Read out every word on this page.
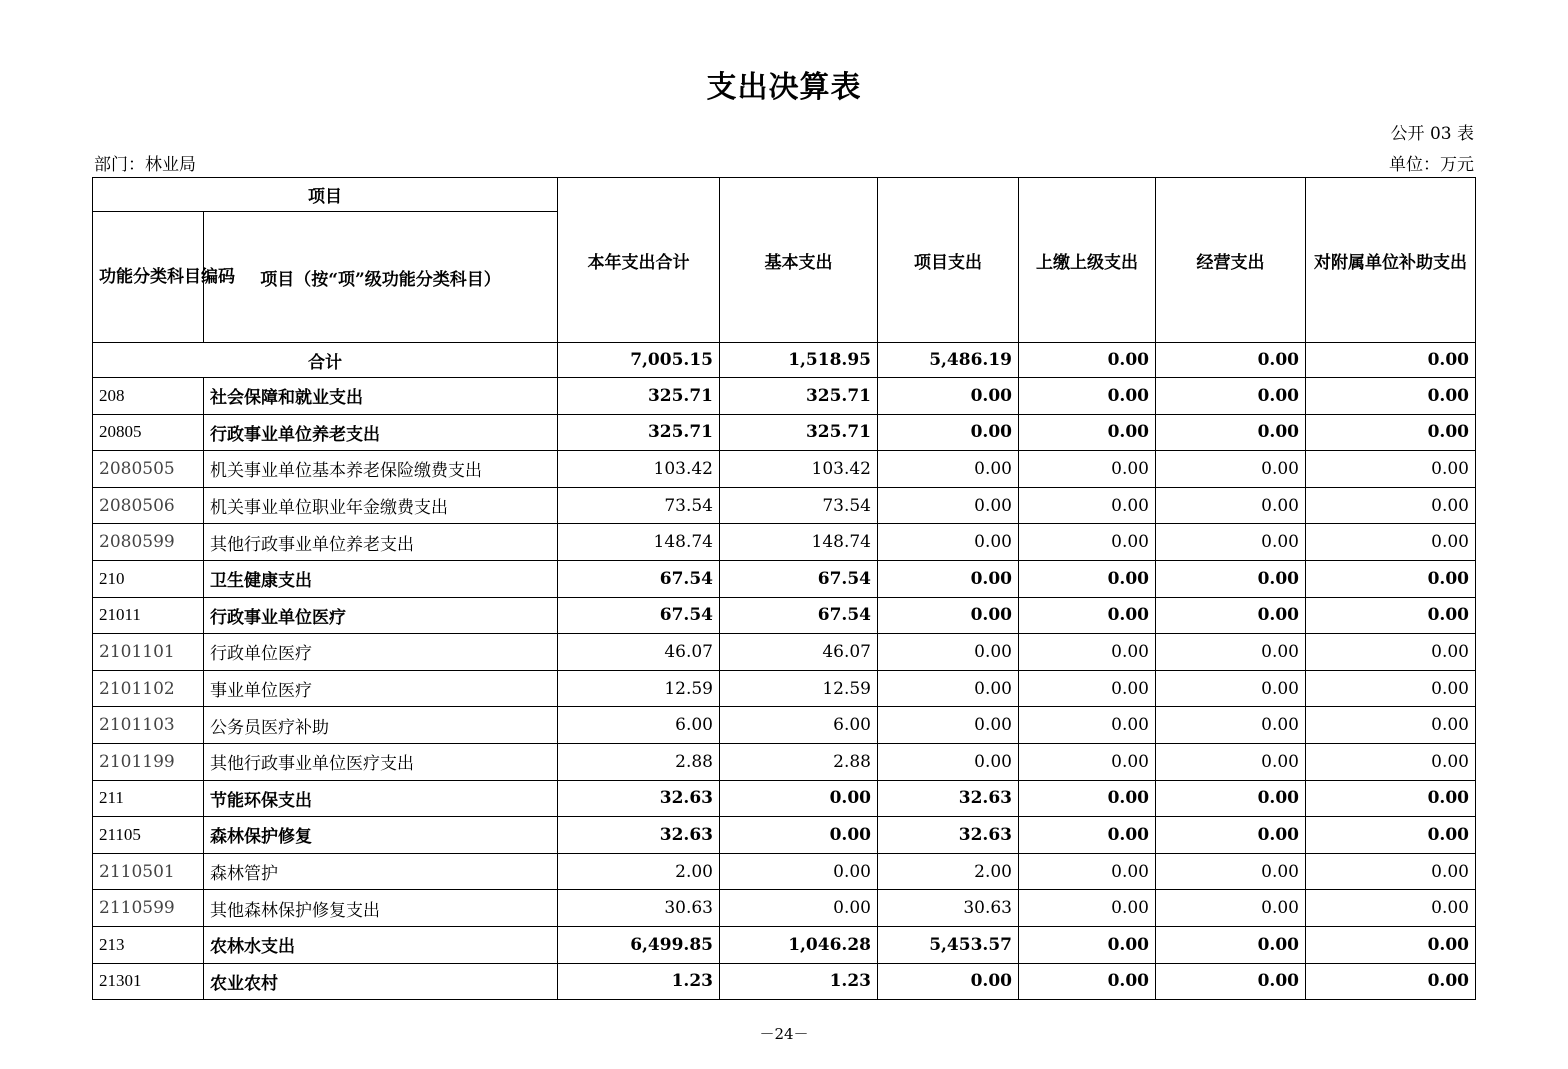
支出决算表
公开 03 表
部门：林业局	单位：万元
项目		本年支出合计	基本支出	项目支出	上缴上级支出	经营支出	对附属单位补助支出
功能分类科目编码	项目（按“项”级功能分类科目）						
合计		7,005.15	1,518.95	5,486.19	0.00	0.00	0.00
208	社会保障和就业支出	325.71	325.71	0.00	0.00	0.00	0.00
20805	行政事业单位养老支出	325.71	325.71	0.00	0.00	0.00	0.00
2080505	机关事业单位基本养老保险缴费支出	103.42	103.42	0.00	0.00	0.00	0.00
2080506	机关事业单位职业年金缴费支出	73.54	73.54	0.00	0.00	0.00	0.00
2080599	其他行政事业单位养老支出	148.74	148.74	0.00	0.00	0.00	0.00
210	卫生健康支出	67.54	67.54	0.00	0.00	0.00	0.00
21011	行政事业单位医疗	67.54	67.54	0.00	0.00	0.00	0.00
2101101	行政单位医疗	46.07	46.07	0.00	0.00	0.00	0.00
2101102	事业单位医疗	12.59	12.59	0.00	0.00	0.00	0.00
2101103	公务员医疗补助	6.00	6.00	0.00	0.00	0.00	0.00
2101199	其他行政事业单位医疗支出	2.88	2.88	0.00	0.00	0.00	0.00
211	节能环保支出	32.63	0.00	32.63	0.00	0.00	0.00
21105	森林保护修复	32.63	0.00	32.63	0.00	0.00	0.00
2110501	森林管护	2.00	0.00	2.00	0.00	0.00	0.00
2110599	其他森林保护修复支出	30.63	0.00	30.63	0.00	0.00	0.00
213	农林水支出	6,499.85	1,046.28	5,453.57	0.00	0.00	0.00
21301	农业农村	1.23	1.23	0.00	0.00	0.00	0.00
－24－
